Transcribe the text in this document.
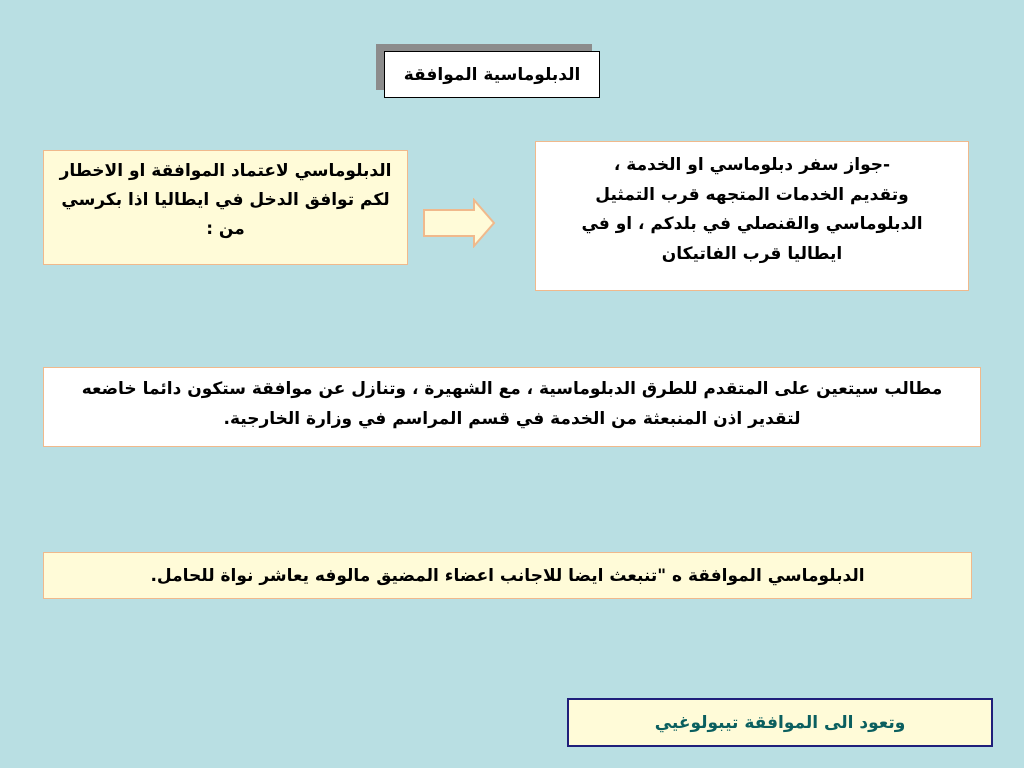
الدبلوماسية الموافقة
الدبلوماسي لاعتماد الموافقة او الاخطار لكم توافق الدخل في ايطاليا اذا بكرسي من :
-جواز سفر دبلوماسي او الخدمة ،
وتقديم الخدمات المتجهه قرب التمثيل
الدبلوماسي والقنصلي في بلدكم ، او في
ايطاليا قرب الفاتيكان
مطالب سيتعين على المتقدم للطرق الدبلوماسية ، مع الشهيرة ، وتنازل عن موافقة ستكون دائما خاضعه لتقدير اذن المنبعثة من الخدمة في قسم المراسم في وزارة الخارجية.
الدبلوماسي الموافقة ه "تنبعث ايضا للاجانب اعضاء المضيق مالوفه يعاشر نواة للحامل.
وتعود الى الموافقة تيبولوغيي
